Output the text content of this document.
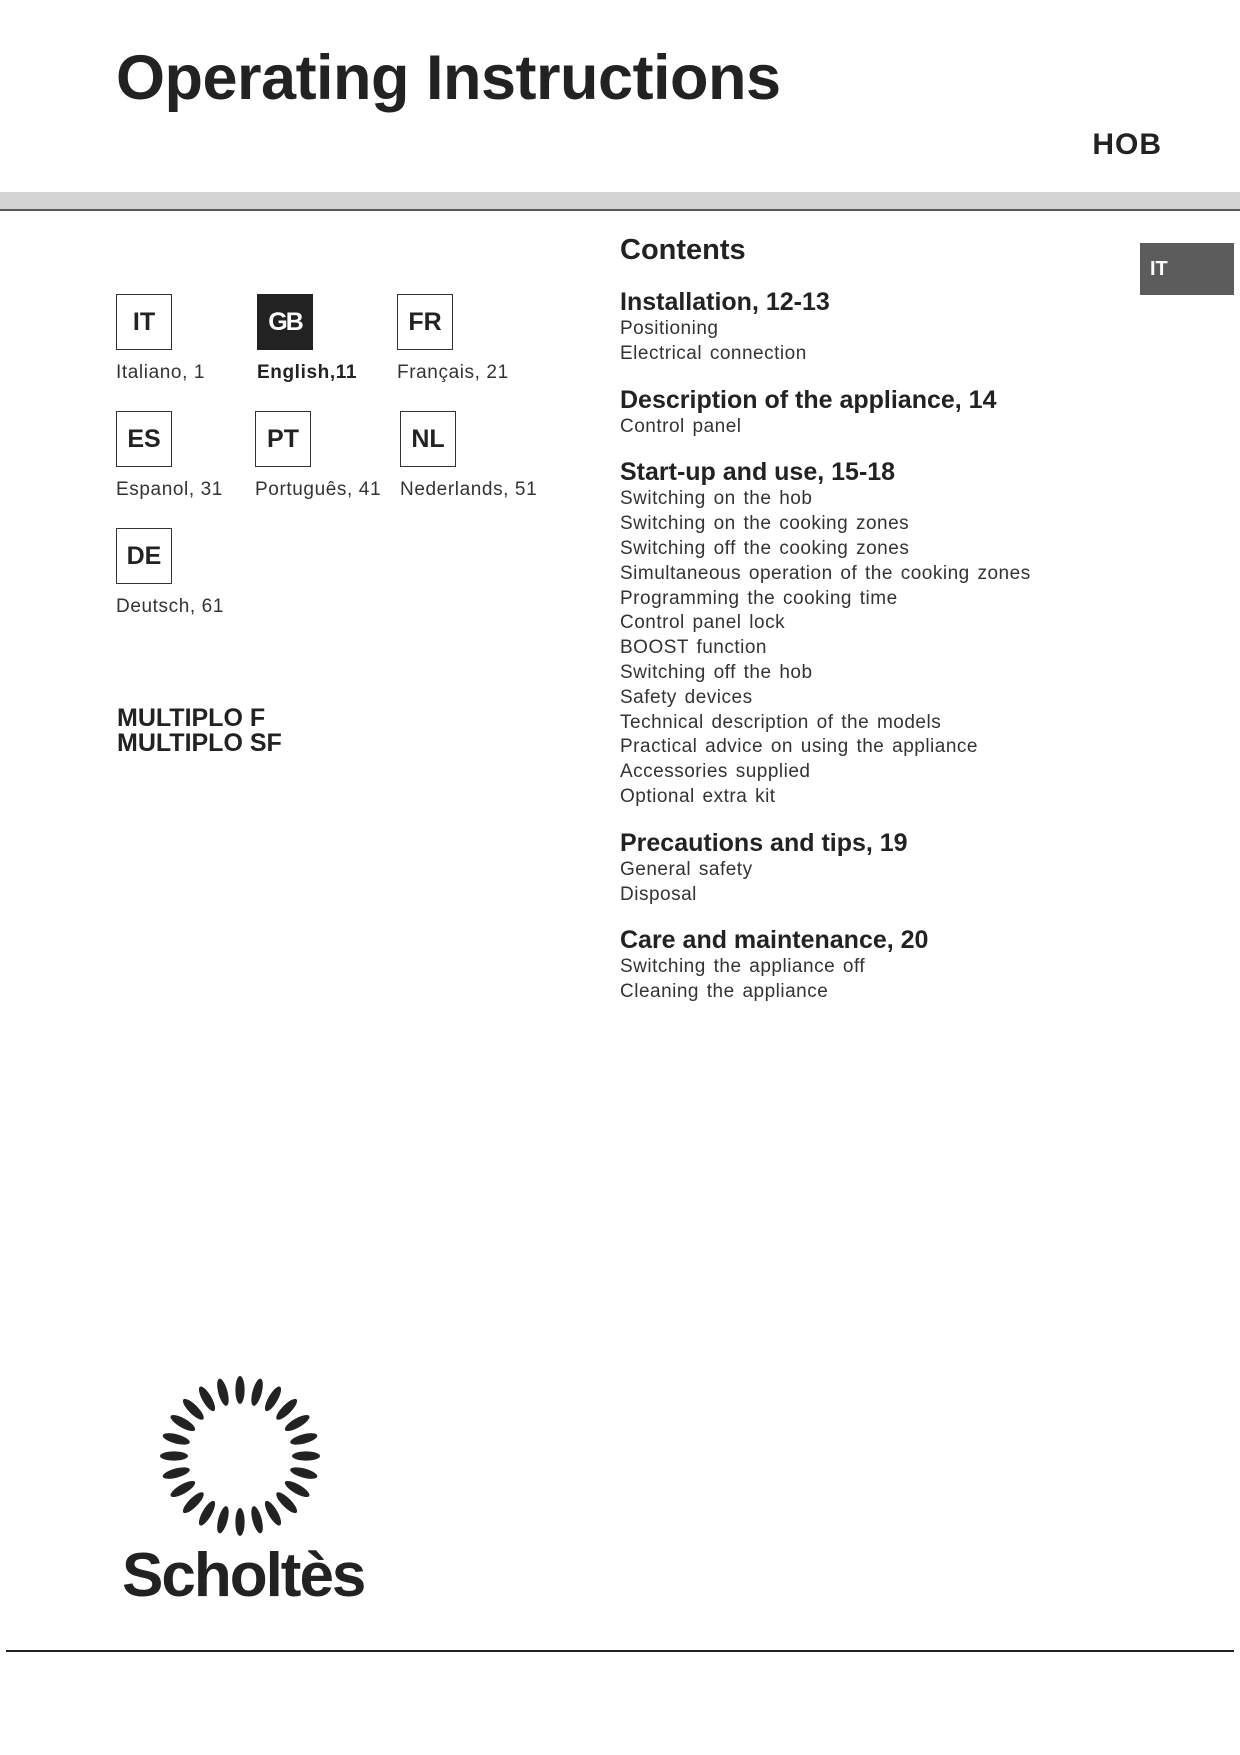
Operating Instructions
HOB
IT
IT
Italiano, 1
GB
English,11
FR
Français, 21
ES
Espanol, 31
PT
Português, 41
NL
Nederlands, 51
DE
Deutsch, 61
MULTIPLO F
MULTIPLO SF
Contents
Installation, 12-13
Positioning
Electrical connection
Description of the appliance, 14
Control panel
Start-up and use, 15-18
Switching on the hob
Switching on the cooking zones
Switching off the cooking zones
Simultaneous operation of the cooking zones
Programming the cooking time
Control panel lock
BOOST function
Switching off the hob
Safety devices
Technical description of the models
Practical advice on using the appliance
Accessories supplied
Optional extra kit
Precautions and tips, 19
General safety
Disposal
Care and maintenance, 20
Switching the appliance off
Cleaning the appliance
Scholtès
